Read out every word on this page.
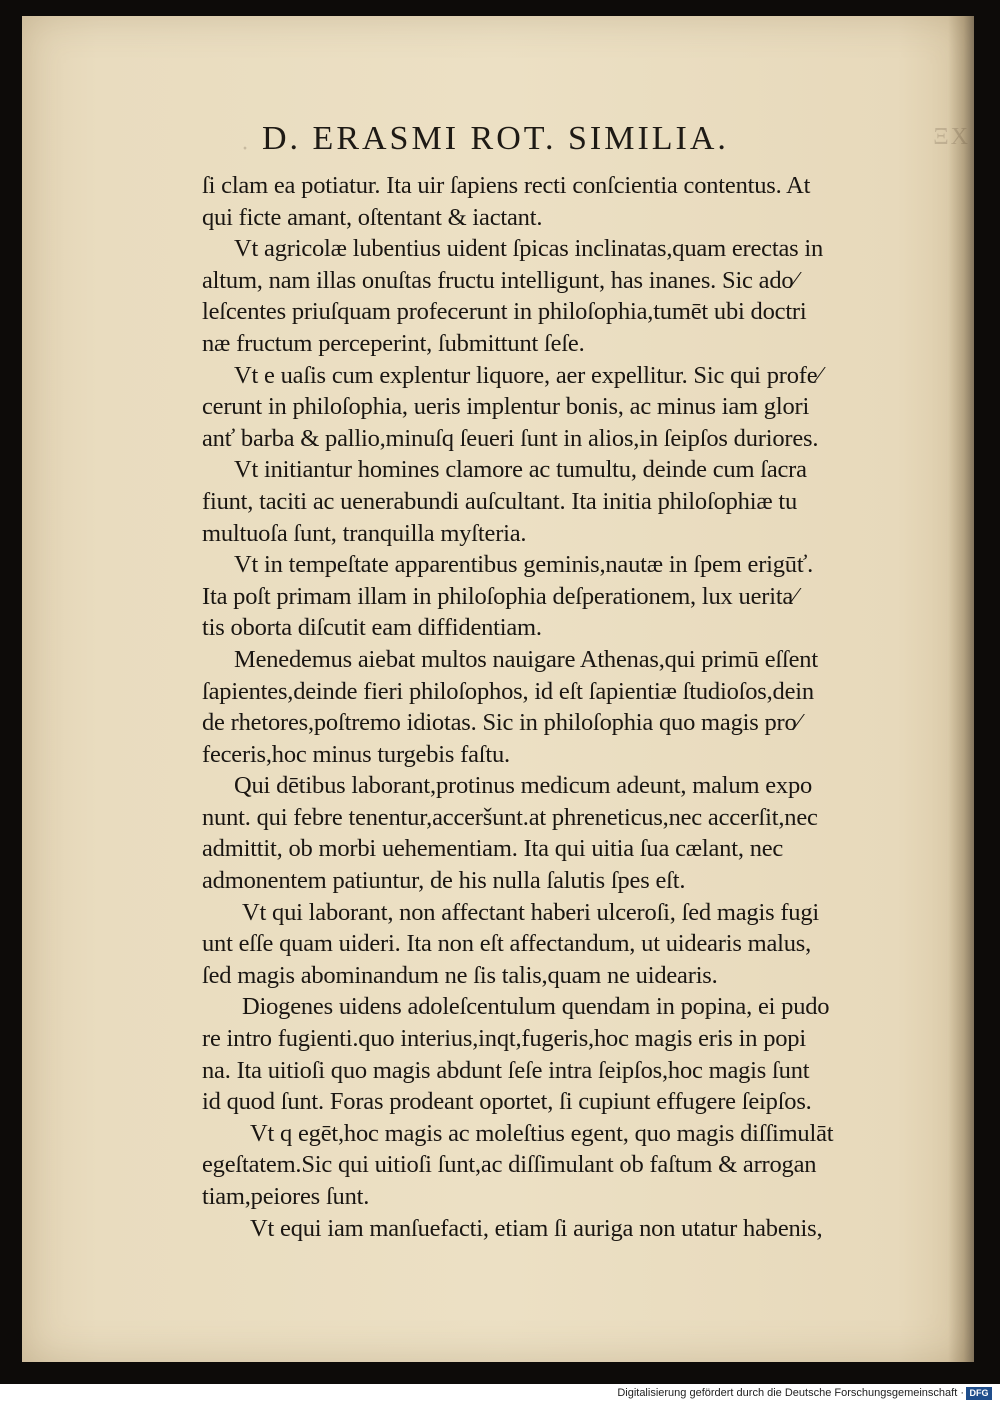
ΞX
∙ D. ERASMI ROT. SIMILIA.
ſi clam ea potiatur. Ita uir ſapiens recti conſcientia contentus. At
qui ficte amant, oſtentant & iactant.
Vt agricolæ lubentius uident ſpicas inclinatas,quam erectas in
altum, nam illas onuſtas fructu intelligunt, has inanes. Sic ado⁄
leſcentes priuſquam profecerunt in philoſophia,tumēt ubi doctri
næ fructum perceperint, ſubmittunt ſeſe.
Vt e uaſis cum explentur liquore, aer expellitur. Sic qui profe⁄
cerunt in philoſophia, ueris implentur bonis, ac minus iam glori
anť barba & pallio,minuſq ſeueri ſunt in alios,in ſeipſos duriores.
Vt initiantur homines clamore ac tumultu, deinde cum ſacra
fiunt, taciti ac uenerabundi auſcultant. Ita initia philoſophiæ tu
multuoſa ſunt, tranquilla myſteria.
Vt in tempeſtate apparentibus geminis,nautæ in ſpem erigūť.
Ita poſt primam illam in philoſophia deſperationem, lux uerita⁄
tis oborta diſcutit eam diffidentiam.
Menedemus aiebat multos nauigare Athenas,qui primū eſſent
ſapientes,deinde fieri philoſophos, id eſt ſapientiæ ſtudioſos,dein
de rhetores,poſtremo idiotas. Sic in philoſophia quo magis pro⁄
feceris,hoc minus turgebis faſtu.
Qui dētibus laborant,protinus medicum adeunt, malum expo
nunt. qui febre tenentur,acceršunt.at phreneticus,nec accerſit,nec
admittit, ob morbi uehementiam. Ita qui uitia ſua cælant, nec
admonentem patiuntur, de his nulla ſalutis ſpes eſt.
Vt qui laborant, non affectant haberi ulceroſi, ſed magis fugi
unt eſſe quam uideri. Ita non eſt affectandum, ut uidearis malus,
ſed magis abominandum ne ſis talis,quam ne uidearis.
Diogenes uidens adoleſcentulum quendam in popina, ei pudo
re intro fugienti.quo interius,inqt,fugeris,hoc magis eris in popi
na. Ita uitioſi quo magis abdunt ſeſe intra ſeipſos,hoc magis ſunt
id quod ſunt. Foras prodeant oportet, ſi cupiunt effugere ſeipſos.
Vt q egēt,hoc magis ac moleſtius egent, quo magis diſſimulāt
egeſtatem.Sic qui uitioſi ſunt,ac diſſimulant ob faſtum & arrogan
tiam,peiores ſunt.
Vt equi iam manſuefacti, etiam ſi auriga non utatur habenis,
Digitalisierung gefördert durch die Deutsche Forschungsgemeinschaft · DFG
